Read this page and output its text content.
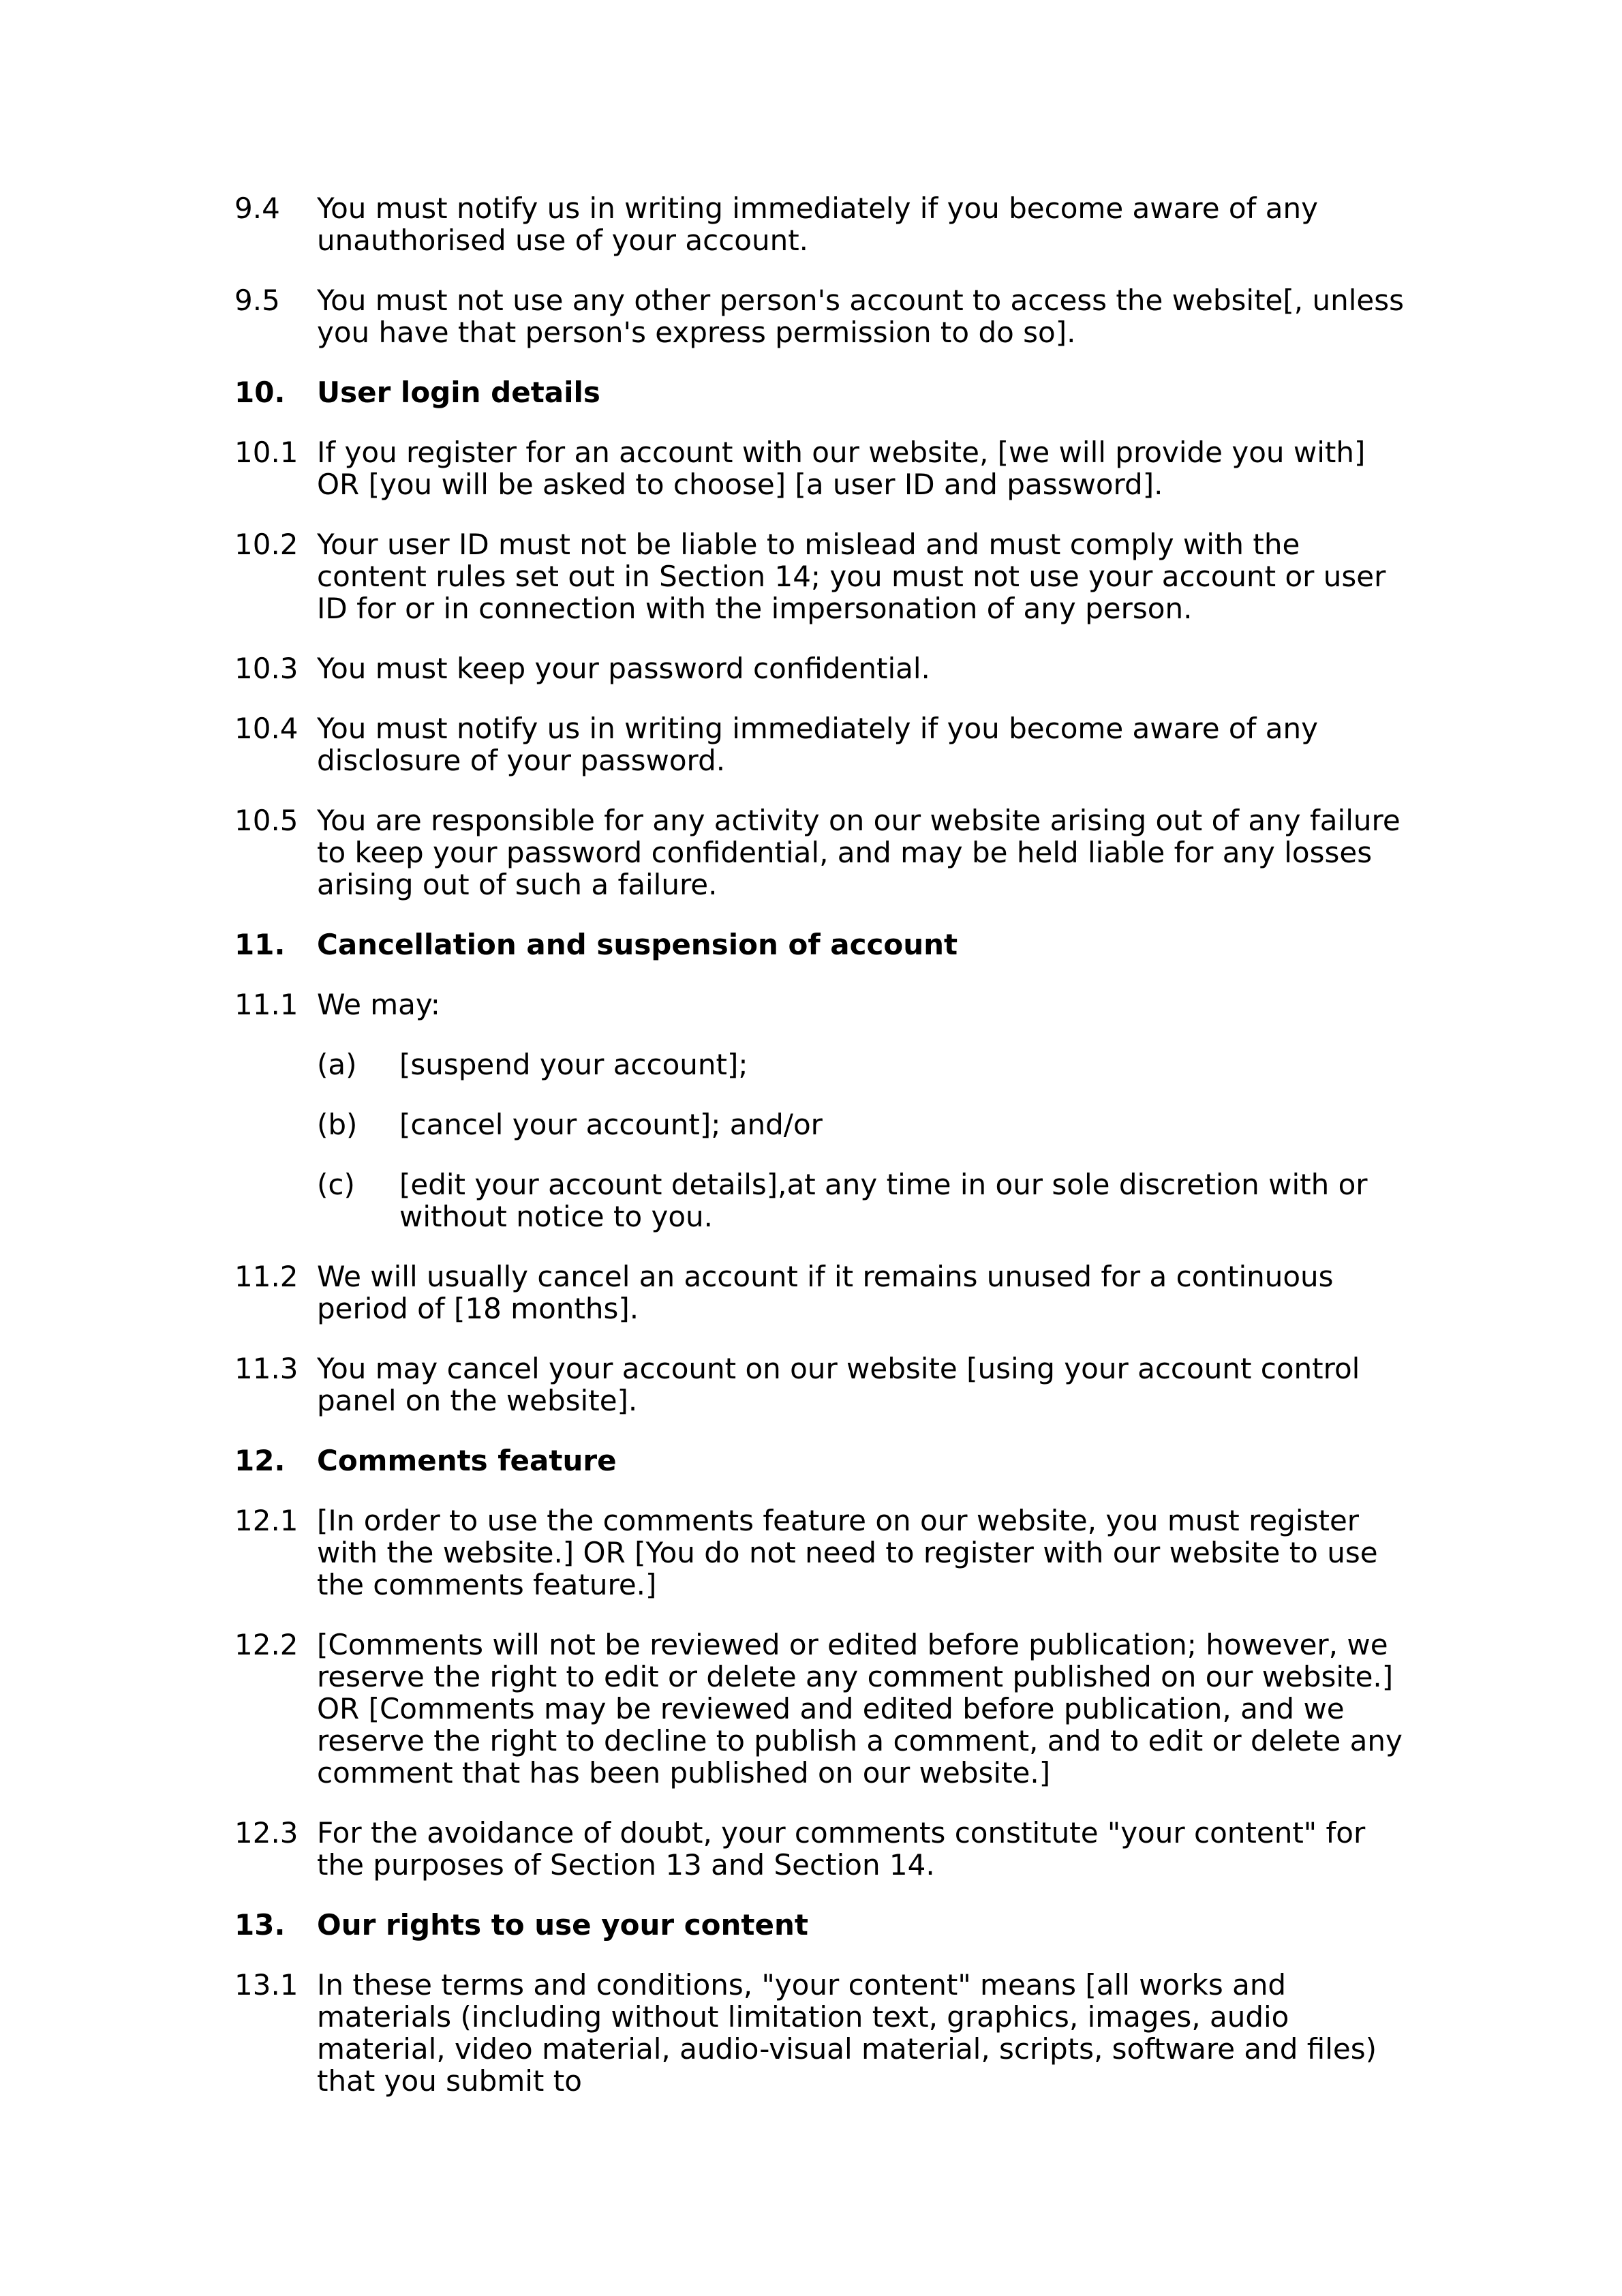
9.4 You must notify us in writing immediately if you become aware of any unauthorised use of your account.
9.5 You must not use any other person's account to access the website[, unless you have that person's express permission to do so].
10. User login details
10.1 If you register for an account with our website, [we will provide you with] OR [you will be asked to choose] [a user ID and password].
10.2 Your user ID must not be liable to mislead and must comply with the content rules set out in Section 14; you must not use your account or user ID for or in connection with the impersonation of any person.
10.3 You must keep your password confidential.
10.4 You must notify us in writing immediately if you become aware of any disclosure of your password.
10.5 You are responsible for any activity on our website arising out of any failure to keep your password confidential, and may be held liable for any losses arising out of such a failure.
11. Cancellation and suspension of account
11.1 We may:
(a) [suspend your account];
(b) [cancel your account]; and/or
(c) [edit your account details],at any time in our sole discretion with or without notice to you.
11.2 We will usually cancel an account if it remains unused for a continuous period of [18 months].
11.3 You may cancel your account on our website [using your account control panel on the website].
12. Comments feature
12.1 [In order to use the comments feature on our website, you must register with the website.] OR [You do not need to register with our website to use the comments feature.]
12.2 [Comments will not be reviewed or edited before publication; however, we reserve the right to edit or delete any comment published on our website.] OR [Comments may be reviewed and edited before publication, and we reserve the right to decline to publish a comment, and to edit or delete any comment that has been published on our website.]
12.3 For the avoidance of doubt, your comments constitute "your content" for the purposes of Section 13 and Section 14.
13. Our rights to use your content
13.1 In these terms and conditions, "your content" means [all works and materials (including without limitation text, graphics, images, audio material, video material, audio-visual material, scripts, software and files) that you submit to
